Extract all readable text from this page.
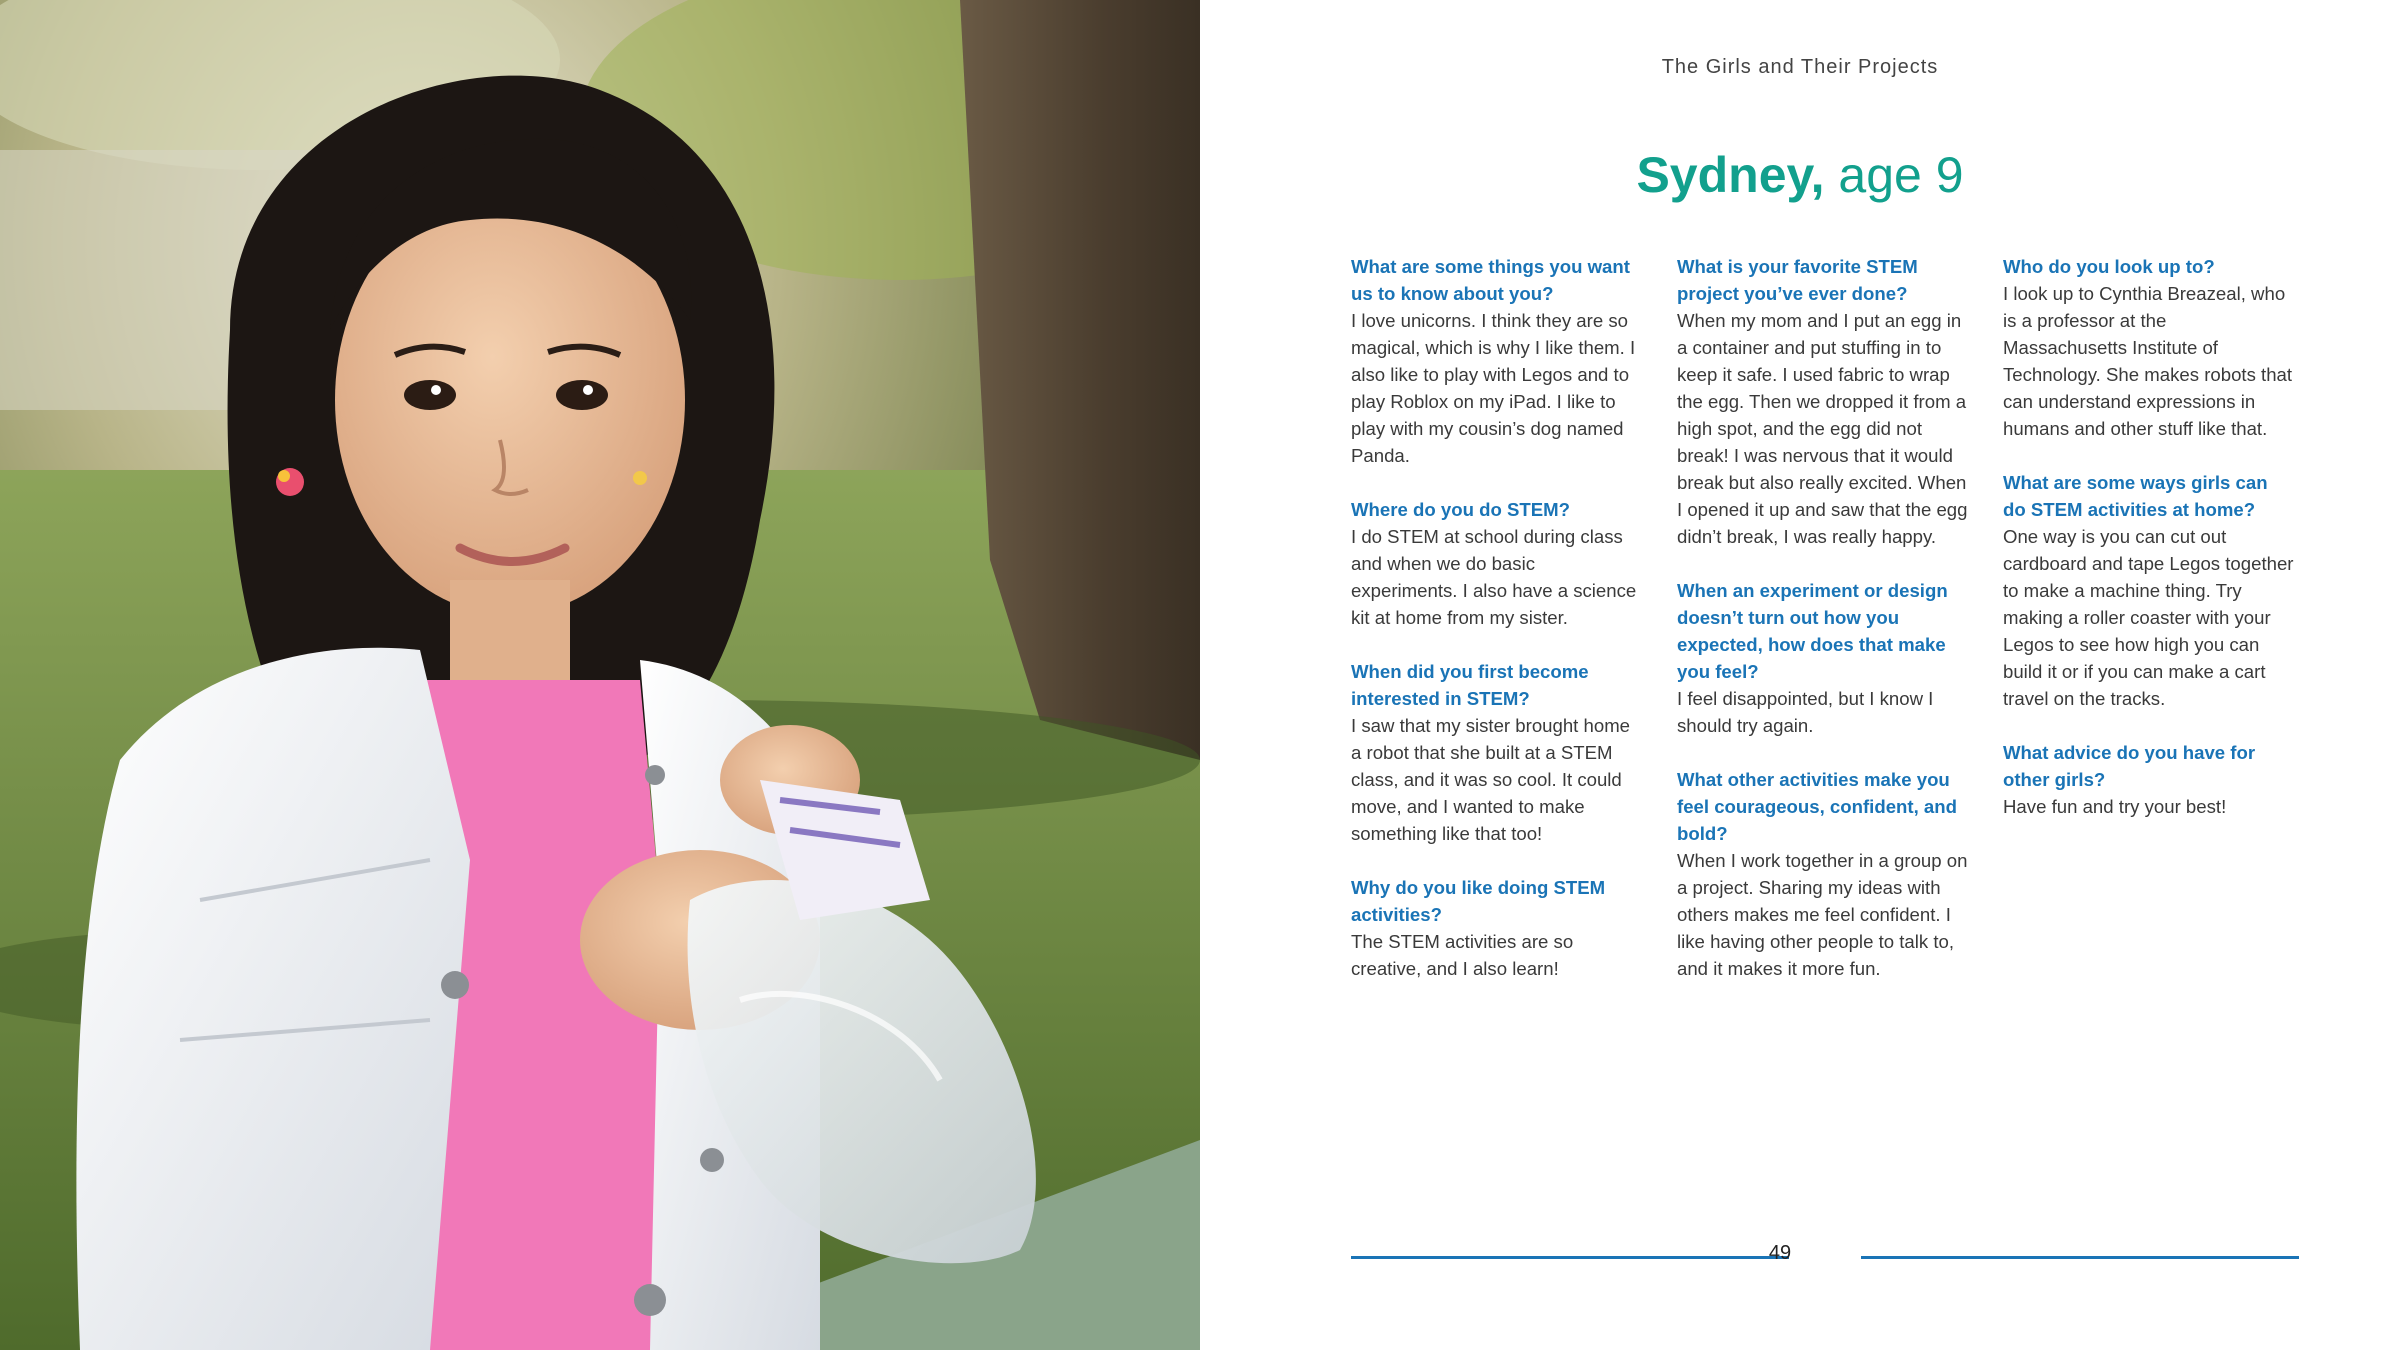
The Girls and Their Projects
Sydney, age 9
What are some things you want us to know about you?
I love unicorns. I think they are so magical, which is why I like them. I also like to play with Legos and to play Roblox on my iPad. I like to play with my cousin’s dog named Panda.
Where do you do STEM?
I do STEM at school during class and when we do basic experiments. I also have a science kit at home from my sister.
When did you first become interested in STEM?
I saw that my sister brought home a robot that she built at a STEM class, and it was so cool. It could move, and I wanted to make something like that too!
Why do you like doing STEM activities?
The STEM activities are so creative, and I also learn!
What is your favorite STEM project you’ve ever done?
When my mom and I put an egg in a container and put stuffing in to keep it safe. I used fabric to wrap the egg. Then we dropped it from a high spot, and the egg did not break! I was nervous that it would break but also really excited. When I opened it up and saw that the egg didn’t break, I was really happy.
When an experiment or design doesn’t turn out how you expected, how does that make you feel?
I feel disappointed, but I know I should try again.
What other activities make you feel courageous, confident, and bold?
When I work together in a group on a project. Sharing my ideas with others makes me feel confident. I like having other people to talk to, and it makes it more fun.
Who do you look up to?
I look up to Cynthia Breazeal, who is a professor at the Massachusetts Institute of Technology. She makes robots that can understand expressions in humans and other stuff like that.
What are some ways girls can do STEM activities at home?
One way is you can cut out cardboard and tape Legos together to make a machine thing. Try making a roller coaster with your Legos to see how high you can build it or if you can make a cart travel on the tracks.
What advice do you have for other girls?
Have fun and try your best!
49
